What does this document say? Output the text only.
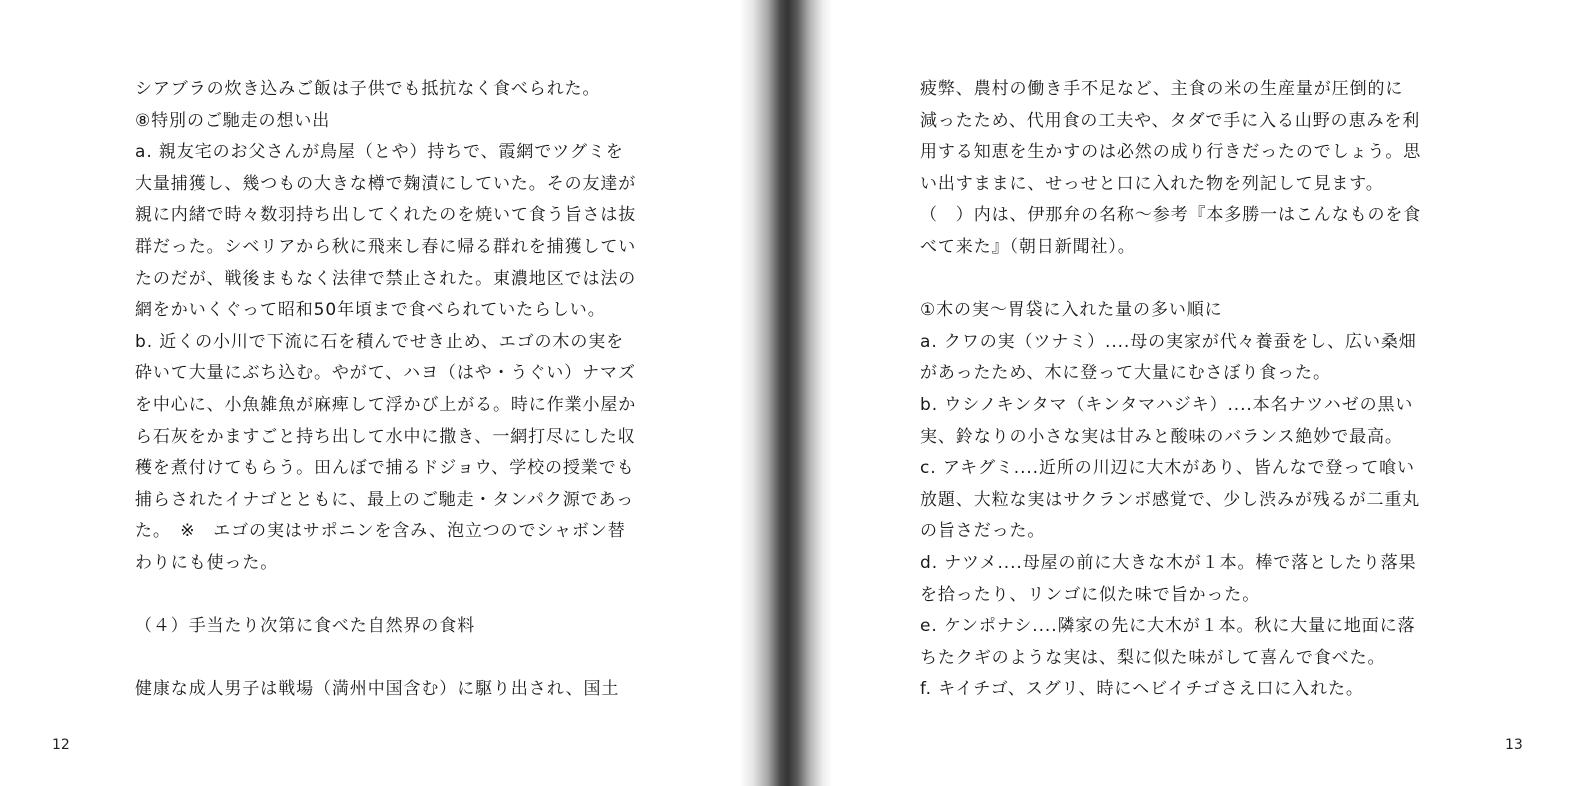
シアブラの炊き込みご飯は子供でも抵抗なく食べられた。
⑧特別のご馳走の想い出
a. 親友宅のお父さんが鳥屋（とや）持ちで、霞網でツグミを
大量捕獲し、幾つもの大きな樽で麹漬にしていた。その友達が
親に内緒で時々数羽持ち出してくれたのを焼いて食う旨さは抜
群だった。シベリアから秋に飛来し春に帰る群れを捕獲してい
たのだが、戦後まもなく法律で禁止された。東濃地区では法の
網をかいくぐって昭和50年頃まで食べられていたらしい。
b. 近くの小川で下流に石を積んでせき止め、エゴの木の実を
砕いて大量にぶち込む。やがて、ハヨ（はや・うぐい）ナマズ
を中心に、小魚雑魚が麻痺して浮かび上がる。時に作業小屋か
ら石灰をかますごと持ち出して水中に撒き、一網打尽にした収
穫を煮付けてもらう。田んぼで捕るドジョウ、学校の授業でも
捕らされたイナゴとともに、最上のご馳走・タンパク源であっ
た。　※　エゴの実はサポニンを含み、泡立つのでシャボン替
わりにも使った。
（４）手当たり次第に食べた自然界の食料
健康な成人男子は戦場（満州中国含む）に駆り出され、国土
12
疲弊、農村の働き手不足など、主食の米の生産量が圧倒的に
減ったため、代用食の工夫や、タダで手に入る山野の恵みを利
用する知恵を生かすのは必然の成り行きだったのでしょう。思
い出すままに、せっせと口に入れた物を列記して見ます。
（　）内は、伊那弁の名称～参考『本多勝一はこんなものを食
べて来た』（朝日新聞社）。
①木の実～胃袋に入れた量の多い順に
a. クワの実（ツナミ）....母の実家が代々養蚕をし、広い桑畑
があったため、木に登って大量にむさぼり食った。
b. ウシノキンタマ（キンタマハジキ）....本名ナツハゼの黒い
実、鈴なりの小さな実は甘みと酸味のバランス絶妙で最高。
c. アキグミ....近所の川辺に大木があり、皆んなで登って喰い
放題、大粒な実はサクランボ感覚で、少し渋みが残るが二重丸
の旨さだった。
d. ナツメ....母屋の前に大きな木が１本。棒で落としたり落果
を拾ったり、リンゴに似た味で旨かった。
e. ケンポナシ....隣家の先に大木が１本。秋に大量に地面に落
ちたクギのような実は、梨に似た味がして喜んで食べた。
f. キイチゴ、スグリ、時にヘビイチゴさえ口に入れた。
13
